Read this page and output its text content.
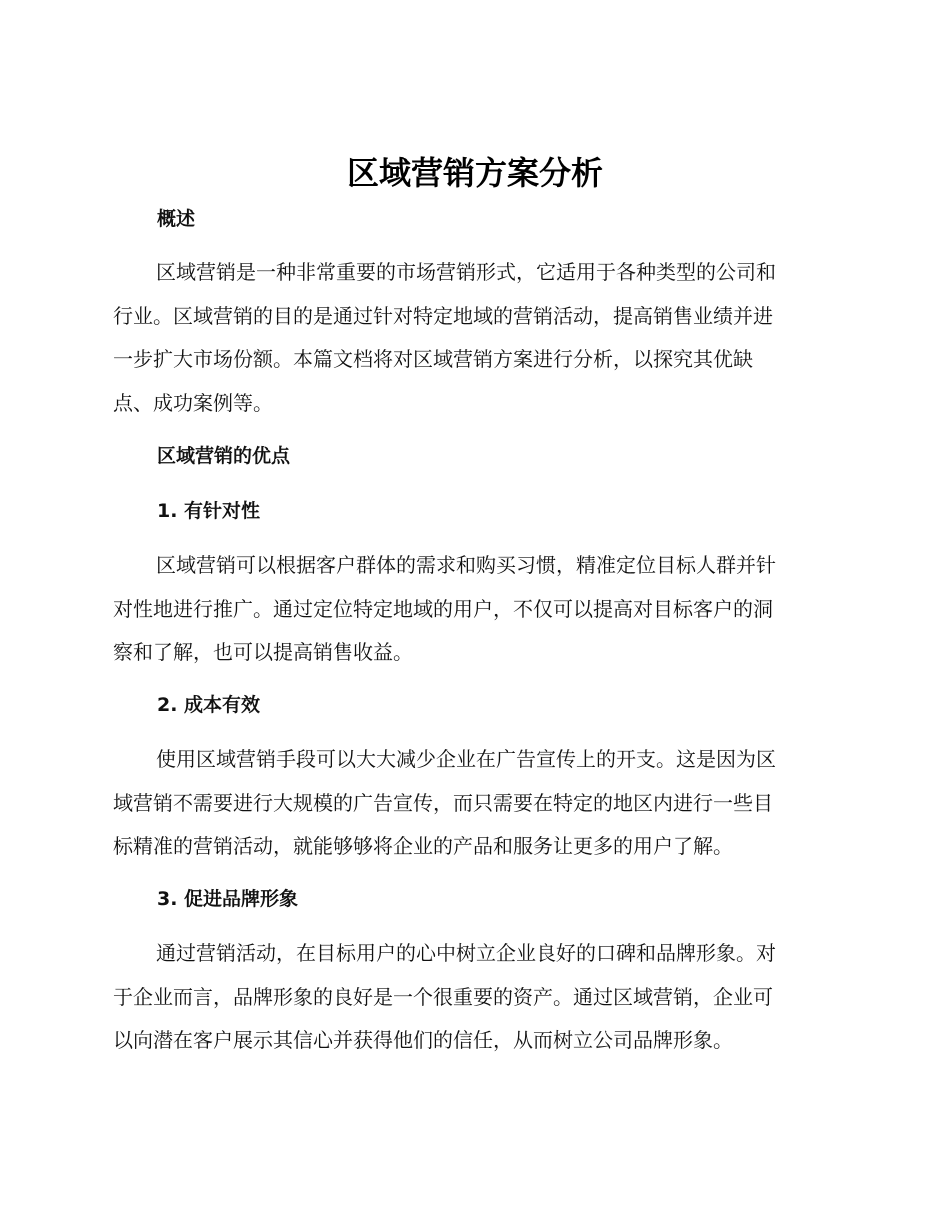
区域营销方案分析
概述

区域营销是一种非常重要的市场营销形式，它适用于各种类型的公司和
行业。区域营销的目的是通过针对特定地域的营销活动，提高销售业绩并进
一步扩大市场份额。本篇文档将对区域营销方案进行分析，以探究其优缺
点、成功案例等。

区域营销的优点
1. 有针对性

区域营销可以根据客户群体的需求和购买习惯，精准定位目标人群并针
对性地进行推广。通过定位特定地域的用户，不仅可以提高对目标客户的洞
察和了解，也可以提高销售收益。

2. 成本有效

使用区域营销手段可以大大减少企业在广告宣传上的开支。这是因为区
域营销不需要进行大规模的广告宣传，而只需要在特定的地区内进行一些目
标精准的营销活动，就能够够将企业的产品和服务让更多的用户了解。

3. 促进品牌形象

通过营销活动，在目标用户的心中树立企业良好的口碑和品牌形象。对
于企业而言，品牌形象的良好是一个很重要的资产。通过区域营销，企业可
以向潜在客户展示其信心并获得他们的信任，从而树立公司品牌形象。
